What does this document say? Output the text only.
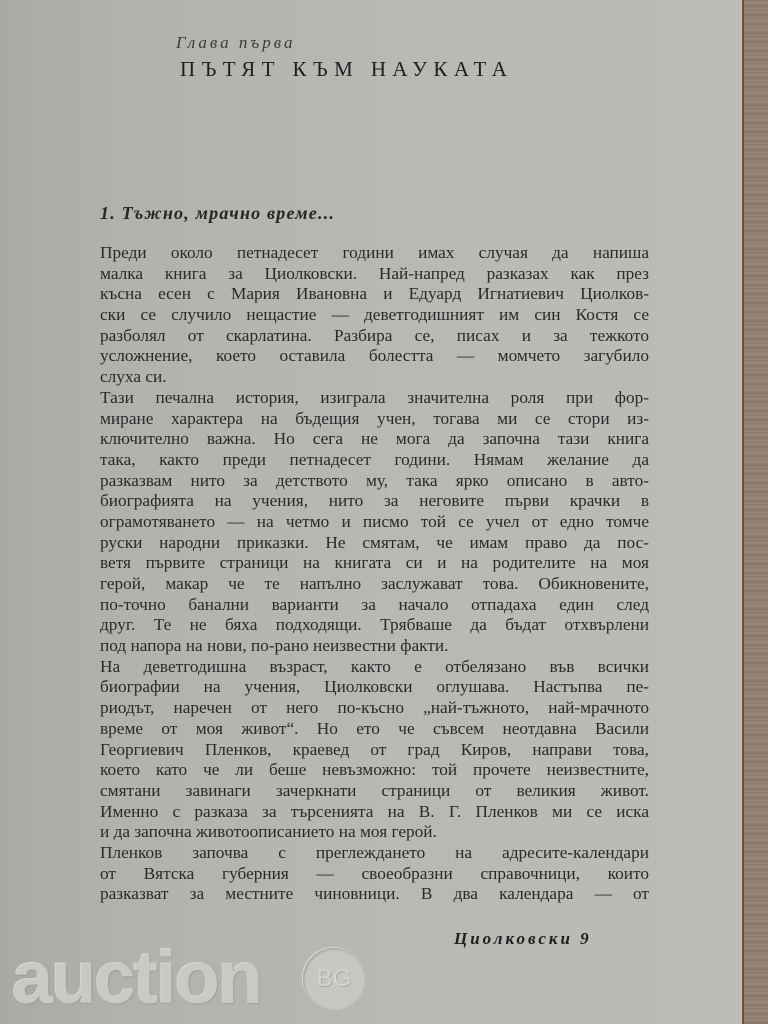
Глава първа
ПЪТЯТ КЪМ НАУКАТА
1. Тъжно, мрачно време...
Преди около петнадесет години имах случая да напиша
малка книга за Циолковски. Най-напред разказах как през
късна есен с Мария Ивановна и Едуард Игнатиевич Циолков-
ски се случило нещастие — деветгодишният им син Костя се
разболял от скарлатина. Разбира се, писах и за тежкото
усложнение, което оставила болестта — момчето загубило
слуха си.
Тази печална история, изиграла значителна роля при фор-
миране характера на бъдещия учен, тогава ми се стори из-
ключително важна. Но сега не мога да започна тази книга
така, както преди петнадесет години. Нямам желание да
разказвам нито за детството му, така ярко описано в авто-
биографията на учения, нито за неговите първи крачки в
ограмотяването — на четмо и писмо той се учел от едно томче
руски народни приказки. Не смятам, че имам право да пос-
ветя първите страници на книгата си и на родителите на моя
герой, макар че те напълно заслужават това. Обикновените,
по-точно банални варианти за начало отпадаха един след
друг. Те не бяха подходящи. Трябваше да бъдат отхвърлени
под напора на нови, по-рано неизвестни факти.
На деветгодишна възраст, както е отбелязано във всички
биографии на учения, Циолковски оглушава. Настъпва пе-
риодът, наречен от него по-късно „най-тъжното, най-мрачното
време от моя живот“. Но ето че съвсем неотдавна Васили
Георгиевич Пленков, краевед от град Киров, направи това,
което като че ли беше невъзможно: той прочете неизвестните,
смятани завинаги зачеркнати страници от великия живот.
Именно с разказа за търсенията на В. Г. Пленков ми се иска
и да започна животоописанието на моя герой.
Пленков започва с преглеждането на адресите-календари
от Вятска губерния — своеобразни справочници, които
разказват за местните чиновници. В два календара — от
Циолковски 9
auction BG
